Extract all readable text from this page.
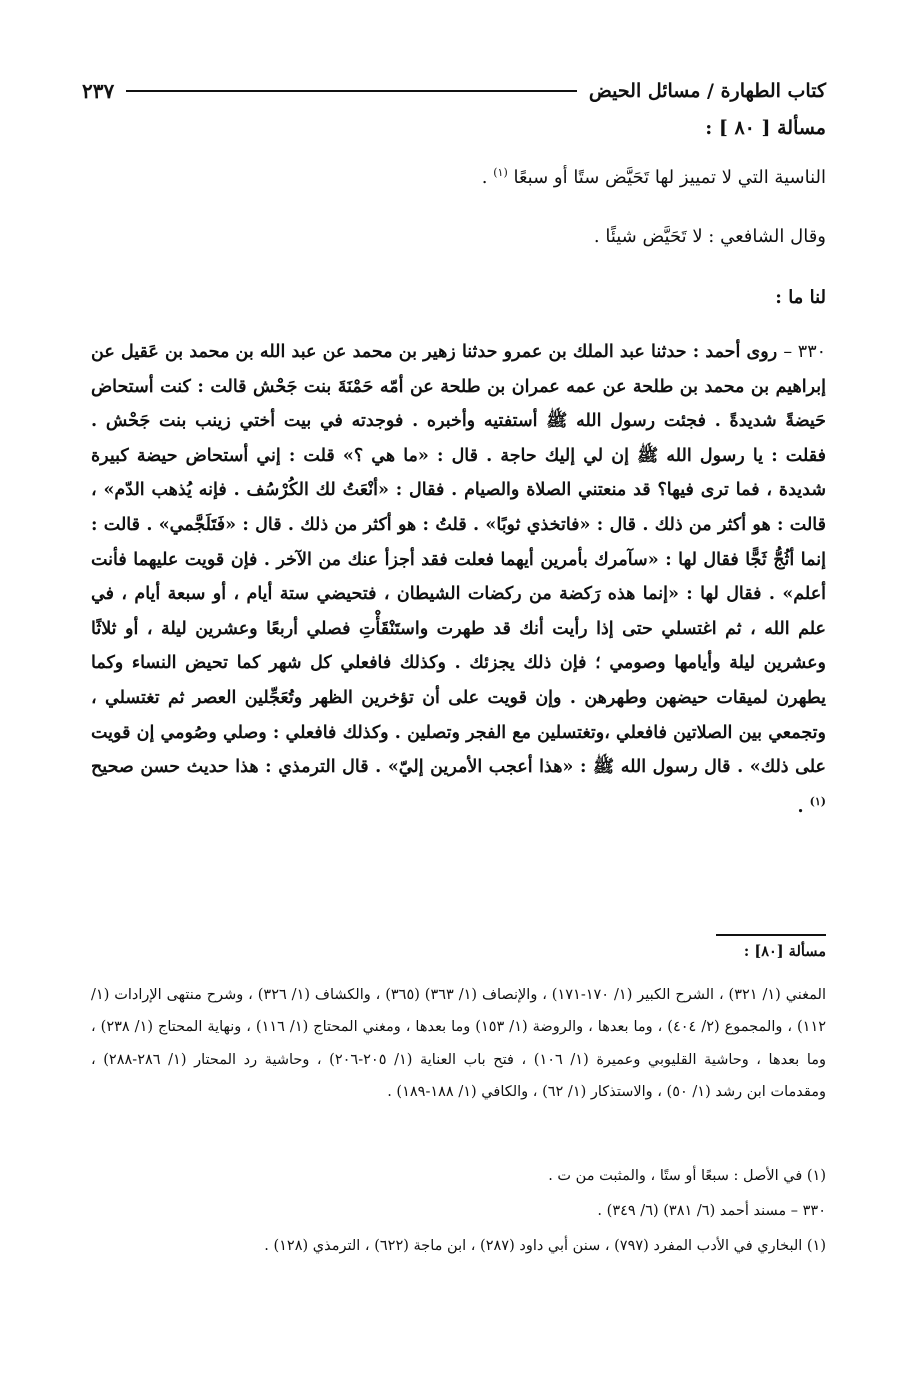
كتاب الطهارة / مسائل الحيض
٢٣٧
مسألة [ ٨٠ ] :
الناسية التي لا تمييز لها تَحَيَّض ستًا أو سبعًا $^{(١)}$ .
وقال الشافعي : لا تَحَيَّض شيئًا .
لنا ما :
٣٣٠ – روى أحمد : حدثنا عبد الملك بن عمرو حدثنا زهير بن محمد عن عبد الله بن محمد بن عَقيل عن إبراهيم بن محمد بن طلحة عن عمه عمران بن طلحة عن أمّه حَمْنَةَ بنت جَحْش قالت : كنت أستحاض حَيضةً شديدةً . فجئت رسول الله ﷺ أستفتيه وأخبره . فوجدته في بيت أختي زينب بنت جَحْش . فقلت : يا رسول الله ﷺ إن لي إليك حاجة . قال : «ما هي ؟» قلت : إني أستحاض حيضة كبيرة شديدة ، فما ترى فيها؟ قد منعتني الصلاة والصيام . فقال : «أنْعَتُ لك الكُرْسُف . فإنه يُذهب الدّم» ، قالت : هو أكثر من ذلك . قال : «فاتخذي ثوبًا» . قلتُ : هو أكثر من ذلك . قال : «فَتَلَجَّمي» . قالت : إنما أثُجُّ ثَجًّا فقال لها : «سآمرك بأمرين أيهما فعلت فقد أجزأ عنك من الآخر . فإن قويت عليهما فأنت أعلم» . فقال لها : «إنما هذه رَكضة من ركضات الشيطان ، فتحيضي ستة أيام ، أو سبعة أيام ، في علم الله ، ثم اغتسلي حتى إذا رأيت أنك قد طهرت واستَنْقَأْتِ فصلي أربعًا وعشرين ليلة ، أو ثلاثًا وعشرين ليلة وأيامها وصومي ؛ فإن ذلك يجزئك . وكذلك فافعلي كل شهر كما تحيض النساء وكما يطهرن لميقات حيضهن وطهرهن . وإن قويت على أن تؤخرين الظهر وتُعَجِّلين العصر ثم تغتسلي ، وتجمعي بين الصلاتين فافعلي ،وتغتسلين مع الفجر وتصلين . وكذلك فافعلي : وصلي وصُومي إن قويت على ذلك» . قال رسول الله ﷺ : «هذا أعجب الأمرين إليّ» . قال الترمذي : هذا حديث حسن صحيح $^{(١)}$ .
مسألة [٨٠] :
المغني (١/ ٣٢١) ، الشرح الكبير (١/ ١٧٠-١٧١) ، والإنصاف (١/ ٣٦٣) (٣٦٥) ، والكشاف (١/ ٣٢٦) ، وشرح منتهى الإرادات (١/ ١١٢) ، والمجموع (٢/ ٤٠٤) ، وما بعدها ، والروضة (١/ ١٥٣) وما بعدها ، ومغني المحتاج (١/ ١١٦) ، ونهاية المحتاج (١/ ٢٣٨) ، وما بعدها ، وحاشية القليوبي وعميرة (١/ ١٠٦) ، فتح باب العناية (١/ ٢٠٥-٢٠٦) ، وحاشية رد المحتار (١/ ٢٨٦-٢٨٨) ، ومقدمات ابن رشد (١/ ٥٠) ، والاستذكار (١/ ٦٢) ، والكافي (١/ ١٨٨-١٨٩) .
(١) في الأصل : سبعًا أو ستًا ، والمثبت من ت .
٣٣٠ – مسند أحمد (٦/ ٣٨١) (٦/ ٣٤٩) .
(١) البخاري في الأدب المفرد (٧٩٧) ، سنن أبي داود (٢٨٧) ، ابن ماجة (٦٢٢) ، الترمذي (١٢٨) .
